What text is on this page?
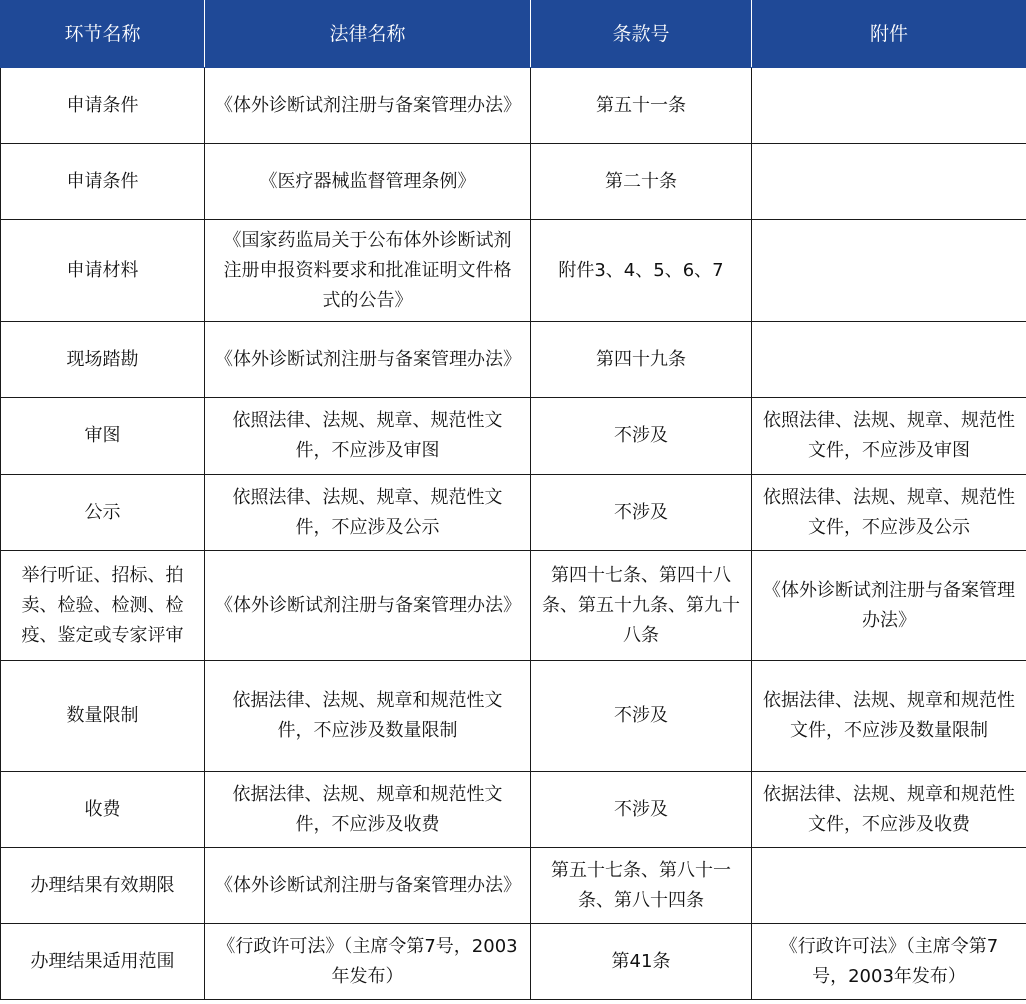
环节名称	法律名称	条款号	附件
申请条件	《体外诊断试剂注册与备案管理办法》	第五十一条	
申请条件	《医疗器械监督管理条例》	第二十条	
申请材料	《国家药监局关于公布体外诊断试剂注册申报资料要求和批准证明文件格式的公告》	附件3、4、5、6、7	
现场踏勘	《体外诊断试剂注册与备案管理办法》	第四十九条	
审图	依照法律、法规、规章、规范性文件，不应涉及审图	不涉及	依照法律、法规、规章、规范性文件，不应涉及审图
公示	依照法律、法规、规章、规范性文件，不应涉及公示	不涉及	依照法律、法规、规章、规范性文件，不应涉及公示
举行听证、招标、拍卖、检验、检测、检疫、鉴定或专家评审	《体外诊断试剂注册与备案管理办法》	第四十七条、第四十八条、第五十九条、第九十八条	《体外诊断试剂注册与备案管理办法》
数量限制	依据法律、法规、规章和规范性文件，不应涉及数量限制	不涉及	依据法律、法规、规章和规范性文件，不应涉及数量限制
收费	依据法律、法规、规章和规范性文件，不应涉及收费	不涉及	依据法律、法规、规章和规范性文件，不应涉及收费
办理结果有效期限	《体外诊断试剂注册与备案管理办法》	第五十七条、第八十一条、第八十四条	
办理结果适用范围	《行政许可法》（主席令第7号，2003年发布）	第41条	《行政许可法》（主席令第7号，2003年发布）
